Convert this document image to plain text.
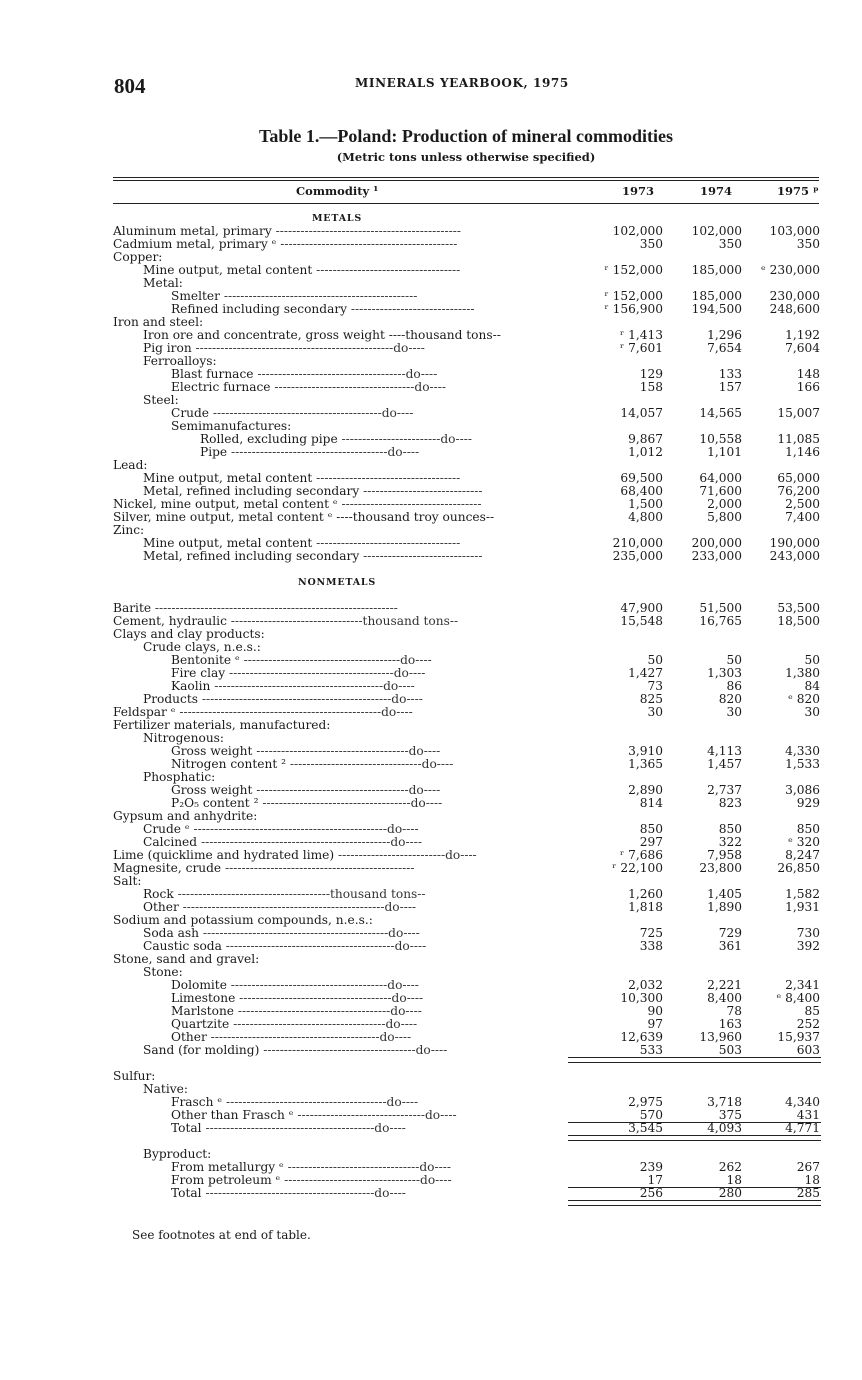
804	MINERALS YEARBOOK, 1975
Table 1.—Poland: Production of mineral commodities
(Metric tons unless otherwise specified)
Commodity ¹	1973	1974	1975 ᵖ
METALS
Aluminum metal, primary ---------------------------------------------	102,000	102,000	103,000
Cadmium metal, primary ᵉ -------------------------------------------	350	350	350
Copper:
Mine output, metal content -----------------------------------	ʳ 152,000	185,000	ᵉ 230,000
Metal:
Smelter -----------------------------------------------	ʳ 152,000	185,000	230,000
Refined including secondary ------------------------------	ʳ 156,900	194,500	248,600
Iron and steel:
Iron ore and concentrate, gross weight ----thousand tons--	ʳ 1,413	1,296	1,192
Pig iron ------------------------------------------------do----	ʳ 7,601	7,654	7,604
Ferroalloys:
Blast furnace ------------------------------------do----	129	133	148
Electric furnace ----------------------------------do----	158	157	166
Steel:
Crude -----------------------------------------do----	14,057	14,565	15,007
Semimanufactures:
Rolled, excluding pipe ------------------------do----	9,867	10,558	11,085
Pipe --------------------------------------do----	1,012	1,101	1,146
Lead:
Mine output, metal content -----------------------------------	69,500	64,000	65,000
Metal, refined including secondary -----------------------------	68,400	71,600	76,200
Nickel, mine output, metal content ᵉ ----------------------------------	1,500	2,000	2,500
Silver, mine output, metal content ᵉ ----thousand troy ounces--	4,800	5,800	7,400
Zinc:
Mine output, metal content -----------------------------------	210,000	200,000	190,000
Metal, refined including secondary -----------------------------	235,000	233,000	243,000
NONMETALS
Barite -----------------------------------------------------------	47,900	51,500	53,500
Cement, hydraulic --------------------------------thousand tons--	15,548	16,765	18,500
Clays and clay products:
Crude clays, n.e.s.:
Bentonite ᵉ --------------------------------------do----	50	50	50
Fire clay ----------------------------------------do----	1,427	1,303	1,380
Kaolin -----------------------------------------do----	73	86	84
Products ----------------------------------------------do----	825	820	ᵉ 820
Feldspar ᵉ -------------------------------------------------do----	30	30	30
Fertilizer materials, manufactured:
Nitrogenous:
Gross weight -------------------------------------do----	3,910	4,113	4,330
Nitrogen content ² --------------------------------do----	1,365	1,457	1,533
Phosphatic:
Gross weight -------------------------------------do----	2,890	2,737	3,086
P₂O₅ content ² ------------------------------------do----	814	823	929
Gypsum and anhydrite:
Crude ᵉ -----------------------------------------------do----	850	850	850
Calcined ----------------------------------------------do----	297	322	ᵉ 320
Lime (quicklime and hydrated lime) --------------------------do----	ʳ 7,686	7,958	8,247
Magnesite, crude ----------------------------------------------	ʳ 22,100	23,800	26,850
Salt:
Rock -------------------------------------thousand tons--	1,260	1,405	1,582
Other -------------------------------------------------do----	1,818	1,890	1,931
Sodium and potassium compounds, n.e.s.:
Soda ash ---------------------------------------------do----	725	729	730
Caustic soda -----------------------------------------do----	338	361	392
Stone, sand and gravel:
Stone:
Dolomite --------------------------------------do----	2,032	2,221	2,341
Limestone -------------------------------------do----	10,300	8,400	ᵉ 8,400
Marlstone -------------------------------------do----	90	78	85
Quartzite -------------------------------------do----	97	163	252
Other -----------------------------------------do----	12,639	13,960	15,937
Sand (for molding) -------------------------------------do----	533	503	603
Sulfur:
Native:
Frasch ᵉ ---------------------------------------do----	2,975	3,718	4,340
Other than Frasch ᵉ -------------------------------do----	570	375	431
Total -----------------------------------------do----	3,545	4,093	4,771
Byproduct:
From metallurgy ᵉ --------------------------------do----	239	262	267
From petroleum ᵉ ---------------------------------do----	17	18	18
Total -----------------------------------------do----	256	280	285
See footnotes at end of table.
